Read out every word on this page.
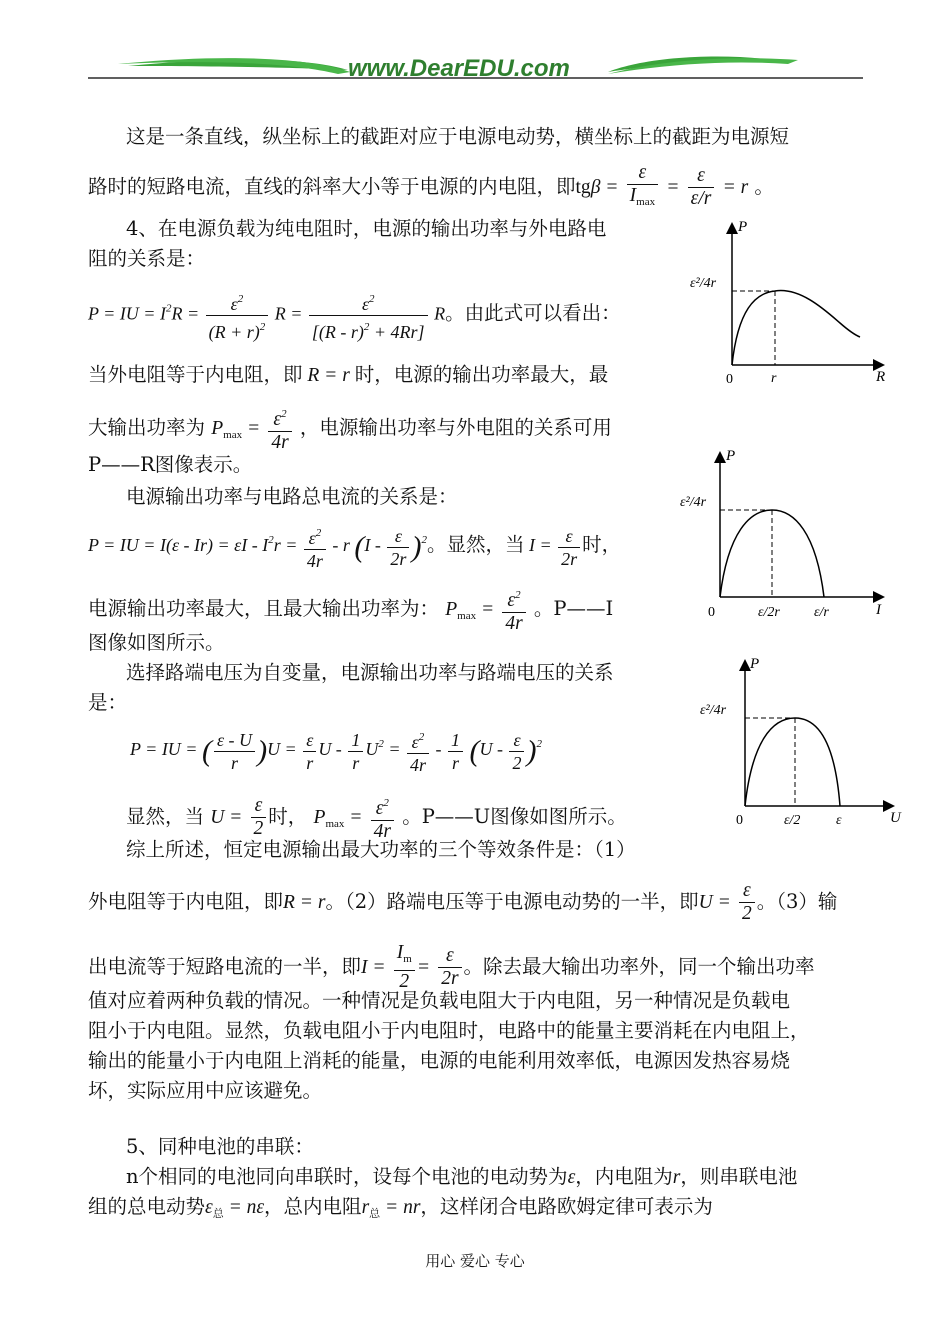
www.DearEDU.com
这是一条直线，纵坐标上的截距对应于电源电动势，横坐标上的截距为电源短
路时的短路电流，直线的斜率大小等于电源的内电阻，即$tg\beta = \frac{\varepsilon}{I_{max}} = \frac{\varepsilon}{\varepsilon/r} = r$ 。
4、在电源负载为纯电阻时，电源的输出功率与外电路电
阻的关系是：
P = IU = $I^2R = \frac{\varepsilon^2}{(R + r)^2}$ $R = \frac{\varepsilon^2}{[(R - r)^2 + 4Rr]}$ R。由此式可以看出：
当外电阻等于内电阻，即 R = r 时，电源的输出功率最大，最
大输出功率为 $P_{max} = \frac{\varepsilon^2}{4r}$ ，电源输出功率与外电阻的关系可用
P——R图像表示。
电源输出功率与电路总电流的关系是：
P = IU = $I(\varepsilon - Ir) = \varepsilon I - I^2r = \frac{\varepsilon^2}{4r} - r$ $(I - \frac{\varepsilon}{2r} )^2$。显然，当 $I = \frac{\varepsilon}{2r}$ 时，
电源输出功率最大，且最大输出功率为： $P_{max} = \frac{\varepsilon^2}{4r}$ 。P——I
图像如图所示。
选择路端电压为自变量，电源输出功率与路端电压的关系
是：
P = IU = ( $\frac{\varepsilon - U}{r} )U = \frac{\varepsilon}{r}$ $U - \frac{1}{r} U^2 = \frac{\varepsilon^2}{4r} - \frac{1}{r} (U - \frac{\varepsilon}{2} )^2$
显然，当 $U = \frac{\varepsilon}{2}$ 时， $P_{max} = \frac{\varepsilon^2}{4r}$ 。P——U图像如图所示。
综上所述，恒定电源输出最大功率的三个等效条件是：（1）
外电阻等于内电阻，即R = r。（2）路端电压等于电源电动势的一半，即$U = \frac{\varepsilon}{2}$ 。（3）输
出电流等于短路电流的一半，即$I = \frac{I_m}{2} = \frac{\varepsilon}{2r}$ 。除去最大输出功率外，同一个输出功率
值对应着两种负载的情况。一种情况是负载电阻大于内电阻，另一种情况是负载电
阻小于内电阻。显然，负载电阻小于内电阻时，电路中的能量主要消耗在内电阻上，
输出的能量小于内电阻上消耗的能量，电源的电能利用效率低，电源因发热容易烧
坏，实际应用中应该避免。
5、同种电池的串联：
n个相同的电池同向串联时，设每个电池的电动势为ε，内电阻为r，则串联电池
组的总电动势$\varepsilon_总 = n\varepsilon$，总内电阻$r_总$ = nr，这样闭合电路欧姆定律可表示为
用心 爱心 专心
P
R
0	r
ε²/4r
P
I
0	ε/2r ε/r
ε²/4r
P
U
0	ε/2	ε
ε²/4r
